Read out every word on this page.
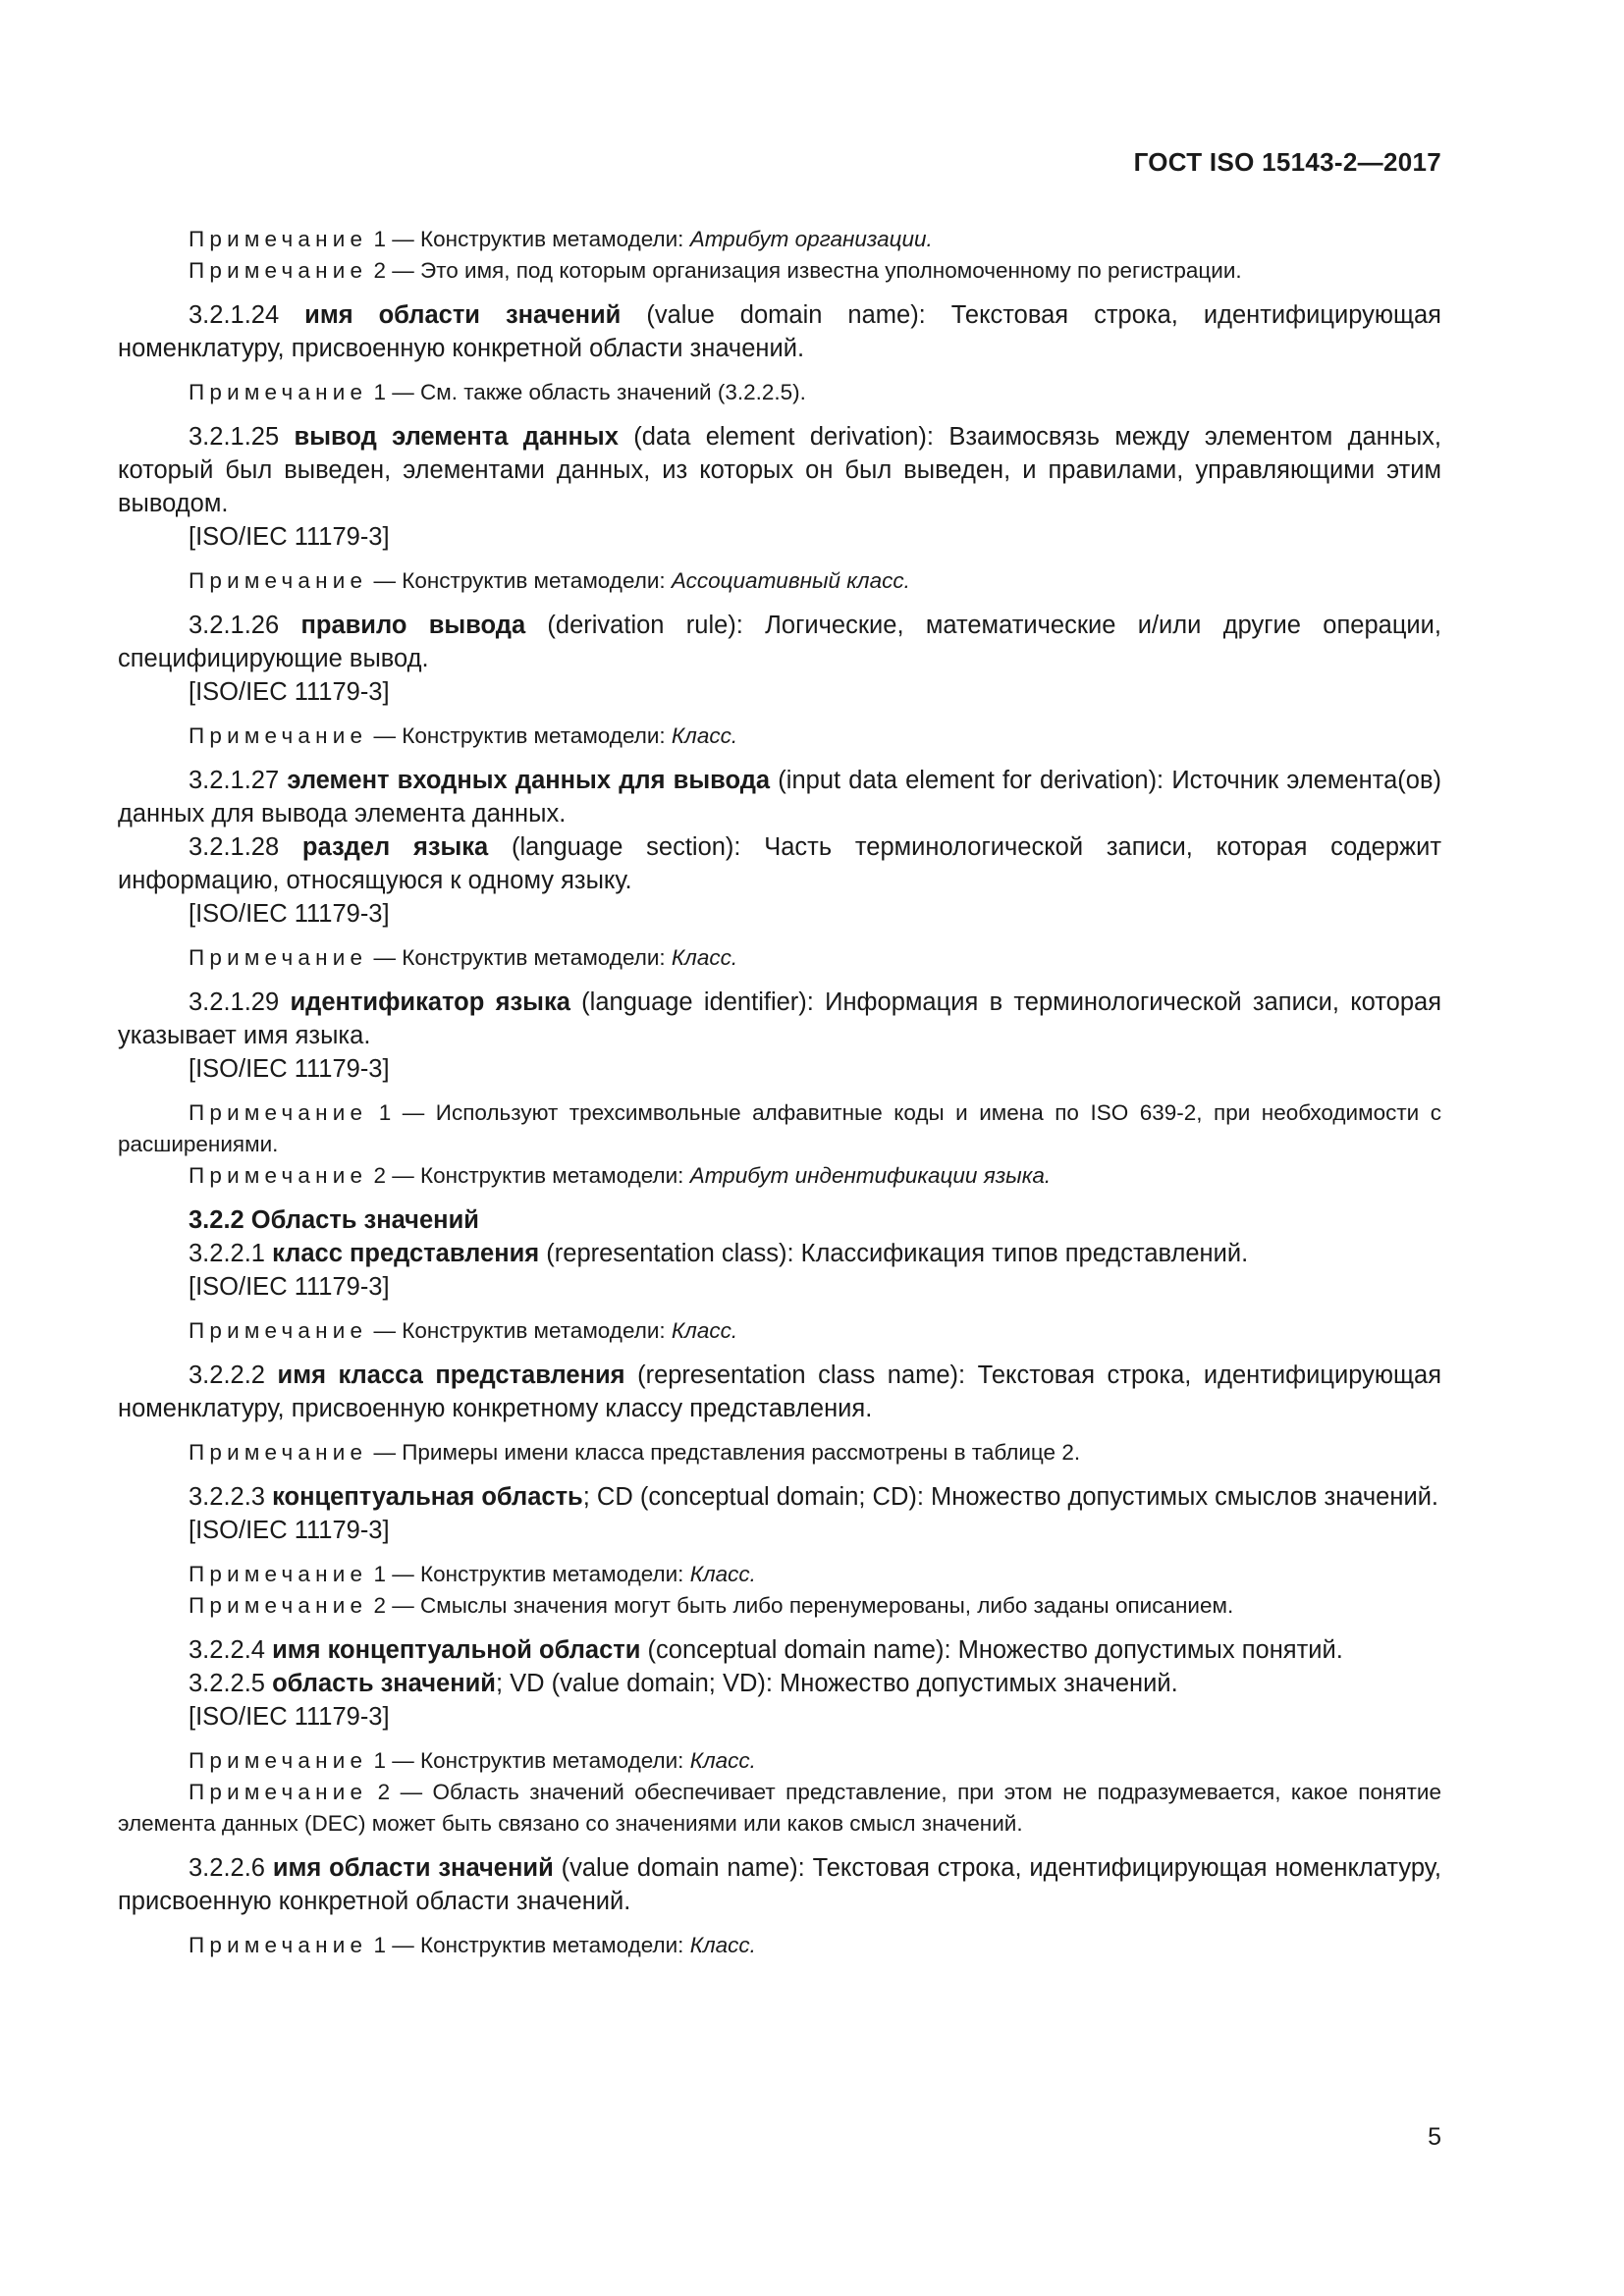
ГОСТ ISO 15143-2—2017

Примечание 1 — Конструктив метамодели: Атрибут организации.

Примечание 2 — Это имя, под которым организация известна уполномоченному по регистрации.

3.2.1.24 имя области значений (value domain name): Текстовая строка, идентифицирующая номенклатуру, присвоенную конкретной области значений.

Примечание 1 — См. также область значений (3.2.2.5).

3.2.1.25 вывод элемента данных (data element derivation): Взаимосвязь между элементом данных, который был выведен, элементами данных, из которых он был выведен, и правилами, управляющими этим выводом.

[ISO/IEC 11179-3]

Примечание — Конструктив метамодели: Ассоциативный класс.

3.2.1.26 правило вывода (derivation rule): Логические, математические и/или другие операции, специфицирующие вывод.

[ISO/IEC 11179-3]

Примечание — Конструктив метамодели: Класс.

3.2.1.27 элемент входных данных для вывода (input data element for derivation): Источник элемента(ов) данных для вывода элемента данных.

3.2.1.28 раздел языка (language section): Часть терминологической записи, которая содержит информацию, относящуюся к одному языку.

[ISO/IEC 11179-3]

Примечание — Конструктив метамодели: Класс.

3.2.1.29 идентификатор языка (language identifier): Информация в терминологической записи, которая указывает имя языка.

[ISO/IEC 11179-3]

Примечание 1 — Используют трехсимвольные алфавитные коды и имена по ISO 639-2, при необходимости с расширениями.

Примечание 2 — Конструктив метамодели: Атрибут индентификации языка.

3.2.2 Область значений

3.2.2.1 класс представления (representation class): Классификация типов представлений.

[ISO/IEC 11179-3]

Примечание — Конструктив метамодели: Класс.

3.2.2.2 имя класса представления (representation class name): Текстовая строка, идентифицирующая номенклатуру, присвоенную конкретному классу представления.

Примечание — Примеры имени класса представления рассмотрены в таблице 2.

3.2.2.3 концептуальная область; CD (conceptual domain; CD): Множество допустимых смыслов значений.

[ISO/IEC 11179-3]

Примечание 1 — Конструктив метамодели: Класс.

Примечание 2 — Смыслы значения могут быть либо перенумерованы, либо заданы описанием.

3.2.2.4 имя концептуальной области (conceptual domain name): Множество допустимых понятий.

3.2.2.5 область значений; VD (value domain; VD): Множество допустимых значений.

[ISO/IEC 11179-3]

Примечание 1 — Конструктив метамодели: Класс.

Примечание 2 — Область значений обеспечивает представление, при этом не подразумевается, какое понятие элемента данных (DEC) может быть связано со значениями или каков смысл значений.

3.2.2.6 имя области значений (value domain name): Текстовая строка, идентифицирующая номенклатуру, присвоенную конкретной области значений.

Примечание 1 — Конструктив метамодели: Класс.

5
